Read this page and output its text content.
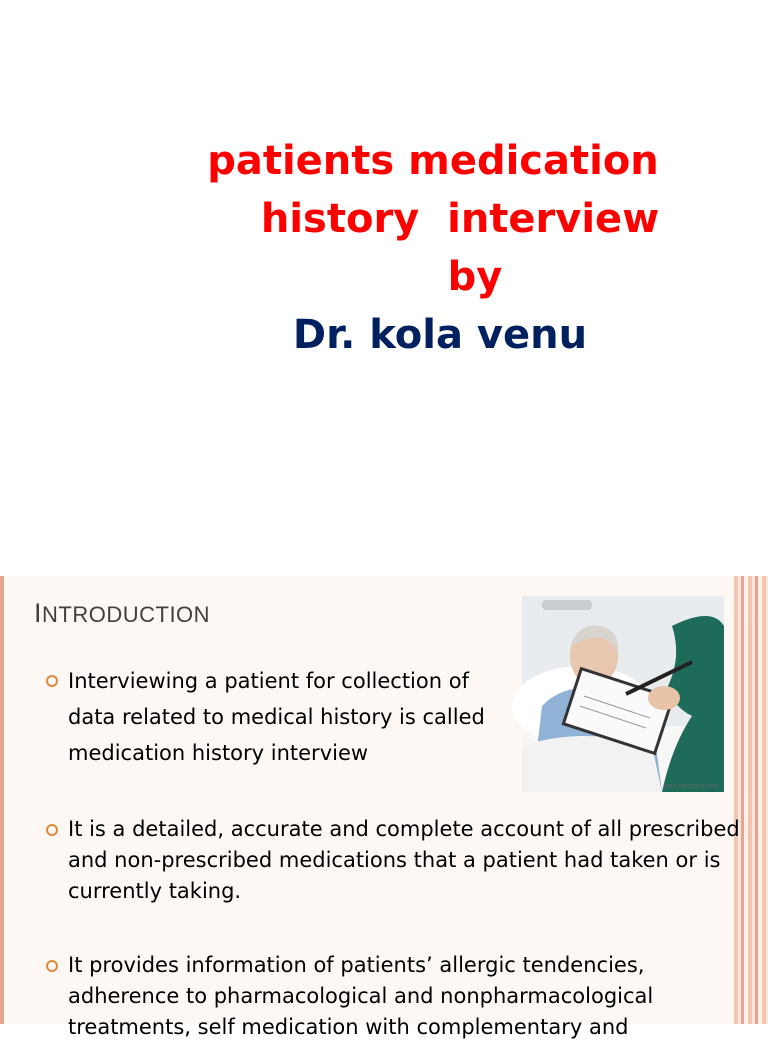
patients medication
history  interview
by
Dr. kola venu
INTRODUCTION
SHUTTERSTOCK.COM
Interviewing a patient for collection of data related to medical history is called medication history interview
It is a detailed, accurate and complete account of all prescribed and non-prescribed medications that a patient had taken or is currently taking.
It provides information of patients’ allergic tendencies, adherence to pharmacological and nonpharmacological treatments, self medication with complementary and
